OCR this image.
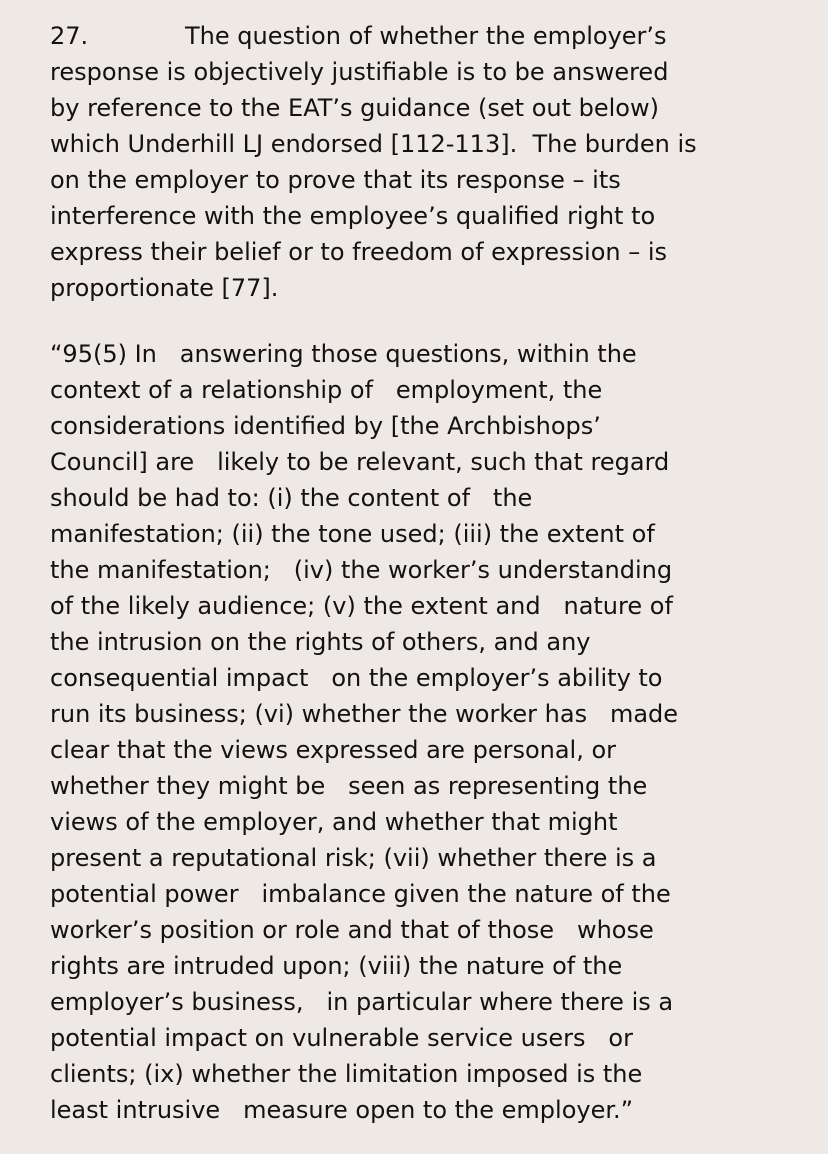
27.	The question of whether the employer’s
response is objectively justifiable is to be answered
by reference to the EAT’s guidance (set out below)
which Underhill LJ endorsed [112-113].  The burden is
on the employer to prove that its response – its
interference with the employee’s qualified right to
express their belief or to freedom of expression – is
proportionate [77].
“95(5) In   answering those questions, within the
context of a relationship of   employment, the
considerations identified by [the Archbishops’
Council] are   likely to be relevant, such that regard
should be had to: (i) the content of   the
manifestation; (ii) the tone used; (iii) the extent of
the manifestation;   (iv) the worker’s understanding
of the likely audience; (v) the extent and   nature of
the intrusion on the rights of others, and any
consequential impact   on the employer’s ability to
run its business; (vi) whether the worker has   made
clear that the views expressed are personal, or
whether they might be   seen as representing the
views of the employer, and whether that might
present a reputational risk; (vii) whether there is a
potential power   imbalance given the nature of the
worker’s position or role and that of those   whose
rights are intruded upon; (viii) the nature of the
employer’s business,   in particular where there is a
potential impact on vulnerable service users   or
clients; (ix) whether the limitation imposed is the
least intrusive   measure open to the employer.”
